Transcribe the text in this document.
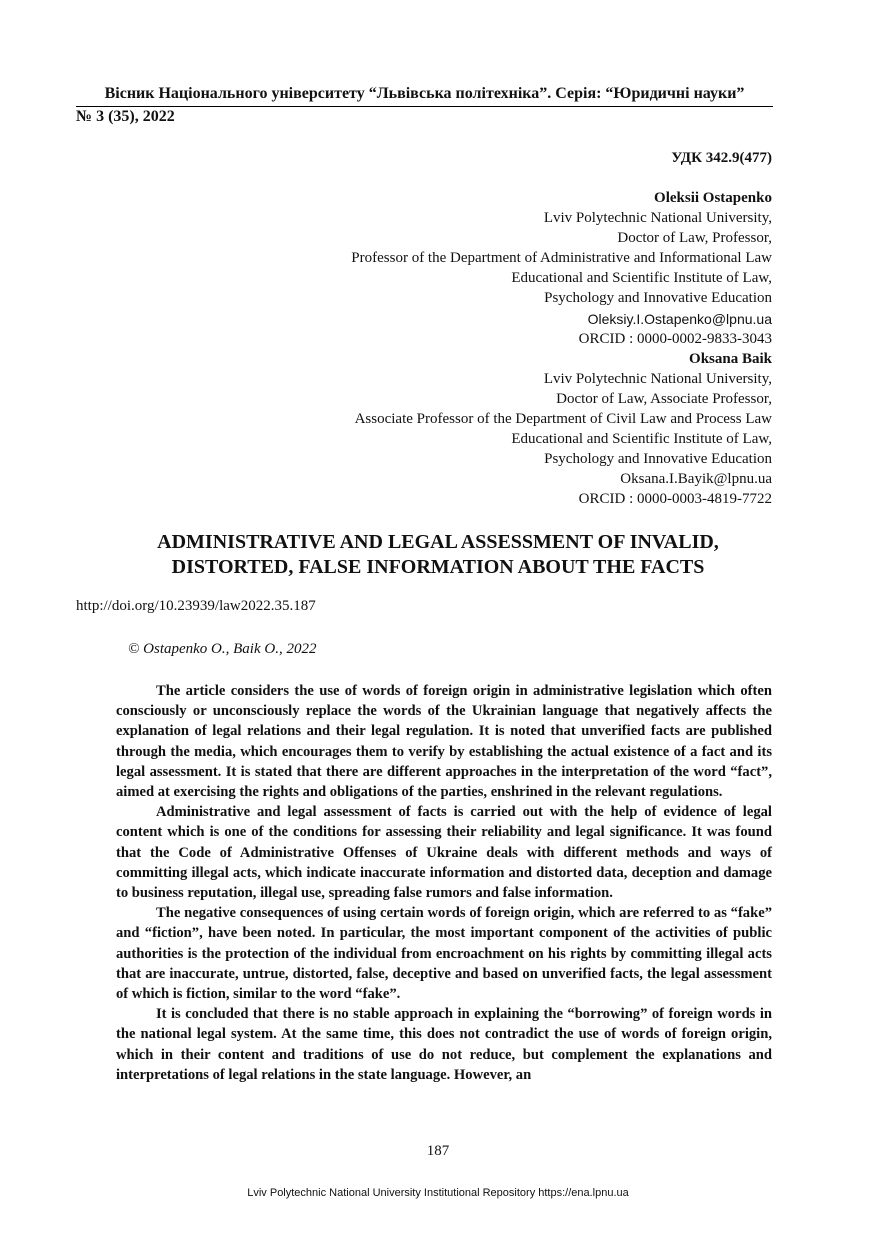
Вісник Національного університету “Львівська політехніка”. Серія: “Юридичні науки”
№ 3 (35), 2022
УДК 342.9(477)
Oleksii Ostapenko
Lviv Polytechnic National University,
Doctor of Law, Professor,
Professor of the Department of Administrative and Informational Law
Educational and Scientific Institute of Law,
Psychology and Innovative Education
Oleksiy.I.Ostapenko@lpnu.ua
ORCID : 0000-0002-9833-3043
Oksana Baik
Lviv Polytechnic National University,
Doctor of Law, Associate Professor,
Associate Professor of the Department of Civil Law and Process Law
Educational and Scientific Institute of Law,
Psychology and Innovative Education
Oksana.I.Bayik@lpnu.ua
ORCID : 0000-0003-4819-7722
ADMINISTRATIVE AND LEGAL ASSESSMENT OF INVALID,
DISTORTED, FALSE INFORMATION ABOUT THE FACTS
http://doi.org/10.23939/law2022.35.187
© Ostapenko O., Baik O., 2022

The article considers the use of words of foreign origin in administrative legislation which often consciously or unconsciously replace the words of the Ukrainian language that negatively affects the explanation of legal relations and their legal regulation. It is noted that unverified facts are published through the media, which encourages them to verify by establishing the actual existence of a fact and its legal assessment. It is stated that there are different approaches in the interpretation of the word “fact”, aimed at exercising the rights and obligations of the parties, enshrined in the relevant regulations.

Administrative and legal assessment of facts is carried out with the help of evidence of legal content which is one of the conditions for assessing their reliability and legal significance. It was found that the Code of Administrative Offenses of Ukraine deals with different methods and ways of committing illegal acts, which indicate inaccurate information and distorted data, deception and damage to business reputation, illegal use, spreading false rumors and false information.

The negative consequences of using certain words of foreign origin, which are referred to as “fake” and “fiction”, have been noted. In particular, the most important component of the activities of public authorities is the protection of the individual from encroachment on his rights by committing illegal acts that are inaccurate, untrue, distorted, false, deceptive and based on unverified facts, the legal assessment of which is fiction, similar to the word “fake”.

It is concluded that there is no stable approach in explaining the “borrowing” of foreign words in the national legal system. At the same time, this does not contradict the use of words of foreign origin, which in their content and traditions of use do not reduce, but complement the explanations and interpretations of legal relations in the state language. However, an

187
Lviv Polytechnic National University Institutional Repository https://ena.lpnu.ua
